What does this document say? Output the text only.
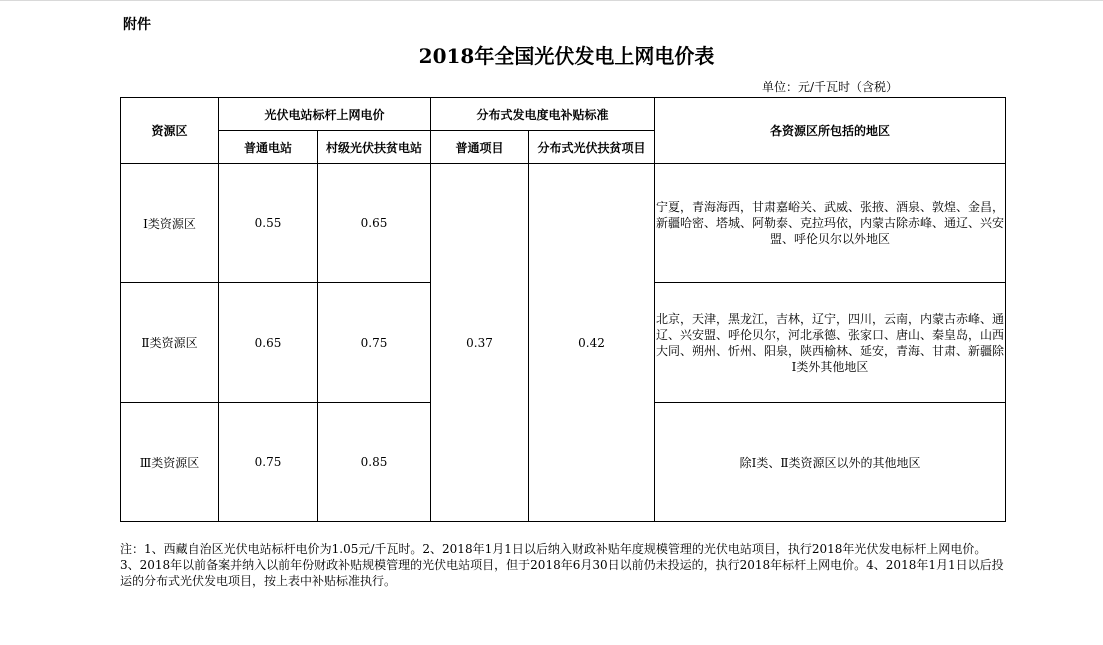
附件
2018年全国光伏发电上网电价表
单位：元/千瓦时（含税）
资源区	光伏电站标杆上网电价		分布式发电度电补贴标准		各资源区所包括的地区
	普通电站	村级光伏扶贫电站	普通项目	分布式光伏扶贫项目	
Ⅰ类资源区	0.55	0.65	0.37	0.42	宁夏，青海海西，甘肃嘉峪关、武威、张掖、酒泉、敦煌、金昌，新疆哈密、塔城、阿勒泰、克拉玛依，内蒙古除赤峰、通辽、兴安盟、呼伦贝尔以外地区
Ⅱ类资源区	0.65	0.75			北京，天津，黑龙江，吉林，辽宁，四川，云南，内蒙古赤峰、通辽、兴安盟、呼伦贝尔，河北承德、张家口、唐山、秦皇岛，山西大同、朔州、忻州、阳泉，陕西榆林、延安，青海、甘肃、新疆除Ⅰ类外其他地区
Ⅲ类资源区	0.75	0.85			除Ⅰ类、Ⅱ类资源区以外的其他地区
注：1、西藏自治区光伏电站标杆电价为1.05元/千瓦时。2、2018年1月1日以后纳入财政补贴年度规模管理的光伏电站项目，执行2018年光伏发电标杆上网电价。3、2018年以前备案并纳入以前年份财政补贴规模管理的光伏电站项目，但于2018年6月30日以前仍未投运的，执行2018年标杆上网电价。4、2018年1月1日以后投运的分布式光伏发电项目，按上表中补贴标准执行。
